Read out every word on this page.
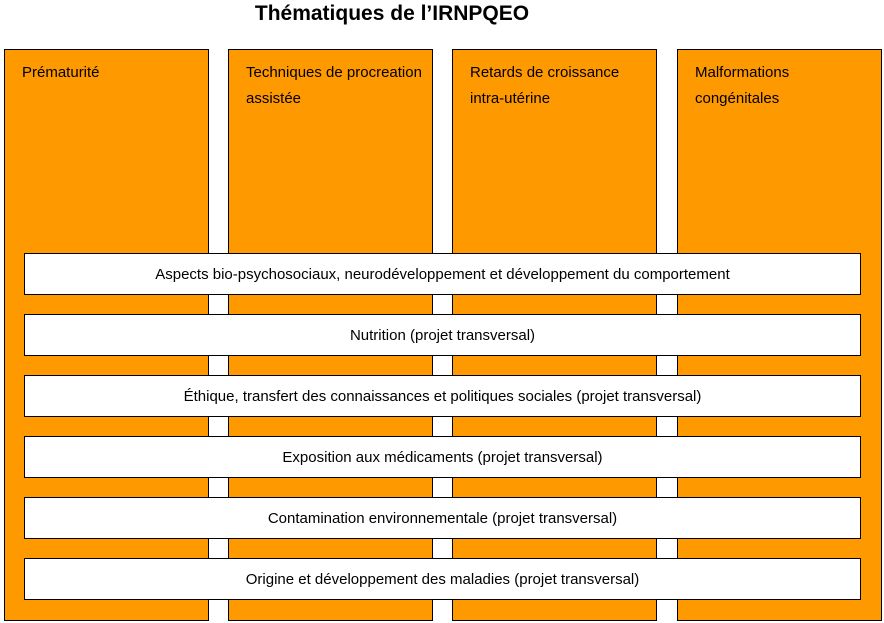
Thématiques de l’IRNPQEO
Prématurité	Techniques de procreation assistée
Retards de croissance intra-utérine
Malformations congénitales
Aspects bio-psychosociaux, neurodéveloppement et développement du comportement
Nutrition (projet transversal)
Éthique, transfert des connaissances et politiques sociales (projet transversal)
Exposition aux médicaments (projet transversal)
Contamination environnementale (projet transversal)
Origine et développement des maladies (projet transversal)
